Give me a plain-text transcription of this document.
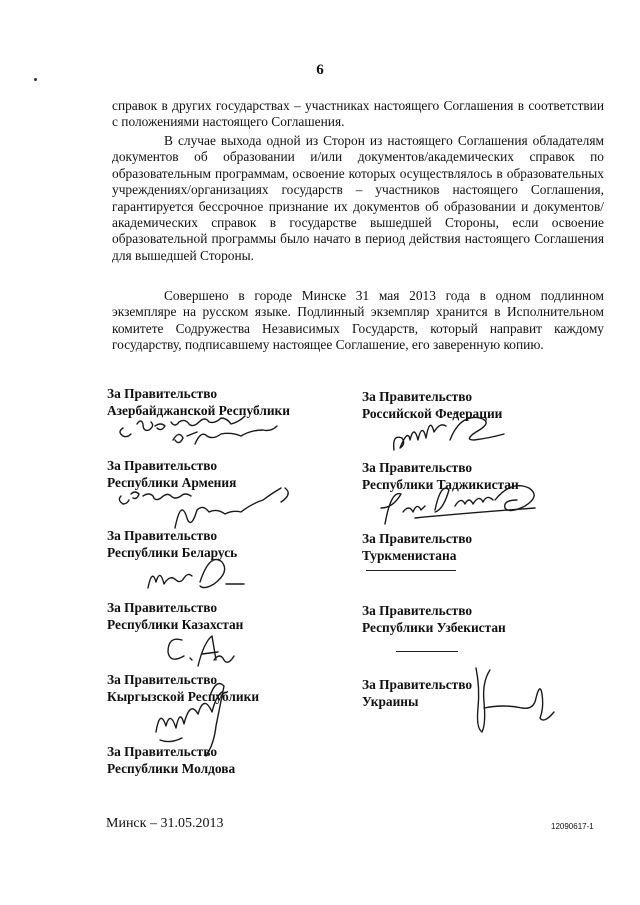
6

справок в других государствах – участниках настоящего Соглашения в соответствии с положениями настоящего Соглашения.

В случае выхода одной из Сторон из настоящего Соглашения обладателям документов об образовании и/или документов/академических справок по образовательным программам, освоение которых осуществлялось в образовательных учреждениях/организациях государств – участников настоящего Соглашения, гарантируется бессрочное признание их документов об образовании и документов/академических справок в государстве вышедшей Стороны, если освоение образовательной программы было начато в период действия настоящего Соглашения для вышедшей Стороны.

Совершено в городе Минске 31 мая 2013 года в одном подлинном экземпляре на русском языке. Подлинный экземпляр хранится в Исполнительном комитете Содружества Независимых Государств, который направит каждому государству, подписавшему настоящее Соглашение, его заверенную копию.

За Правительство
Азербайджанской Республики
За Правительство
Республики Армения
За Правительство
Республики Беларусь
За Правительство
Республики Казахстан
За Правительство
Кыргызской Республики
За Правительство
Республики Молдова
За Правительство
Российской Федерации
За Правительство
Республики Таджикистан
За Правительство
Туркменистана
За Правительство
Республики Узбекистан
За Правительство
Украины
Минск – 31.05.2013	12090617-1
